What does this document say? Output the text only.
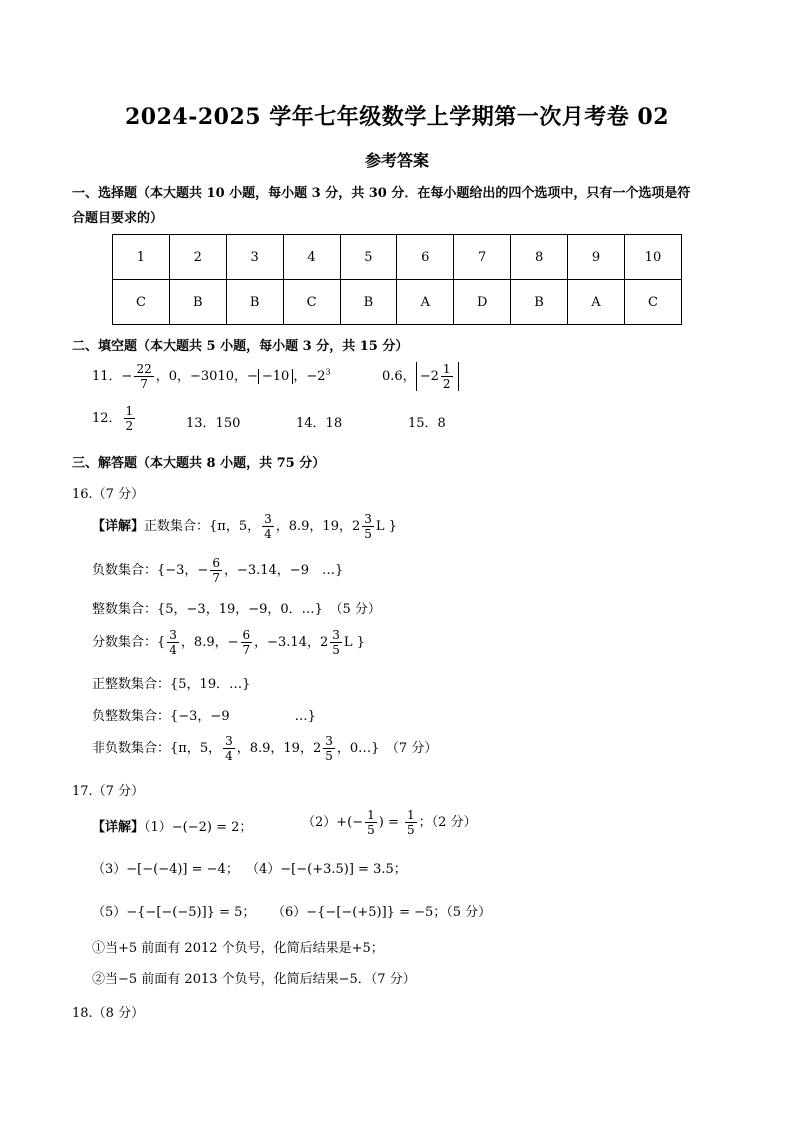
2024-2025 学年七年级数学上学期第一次月考卷 02
参考答案
一、选择题（本大题共 10 小题，每小题 3 分，共 30 分．在每小题给出的四个选项中，只有一个选项是符
合题目要求的）
1	2	3	4	5	6	7	8	9	10
C	B	B	C	B	A	D	B	A	C
二、填空题（本大题共 5 小题，每小题 3 分，共 15 分）
11．− $\frac{22}{7}$ ，0，−3010，− −10 ，$-2^3$	0.6， $-2 \frac{1}{2}$
12． $\frac{1}{2}$	13．150	14．18	15．8
三、解答题（本大题共 8 小题，共 75 分）
16.（7 分）
【详解】正数集合：{π，5， $\frac{3}{4}$ ，8.9，19，$2 \frac{3}{5}$ L }
负数集合：{−3，− $\frac{6}{7}$ ，−3.14，−9　…}
整数集合：{5，−3，19，−9，0．…}　（5 分）
分数集合：{ $\frac{3}{4}$ ，8.9，− $\frac{6}{7}$ ，−3.14，$2 \frac{3}{5}$ L }
正整数集合：{5，19．…}
负整数集合：{−3，−9　　　　　…}
非负数集合：{π，5， $\frac{3}{4}$ ，8.9，19，$2 \frac{3}{5}$ ，0…}　（7 分）
17.（7 分）
【详解】（1）−(−2) = 2；	$(2)+(- \frac{1}{5}$ ) = $\frac{1}{5}$ ；（2 分）
（3）−[−(−4)] = −4； （4）−[−(+3.5)] = 3.5；
（5）−{−[−(−5)]} = 5； （6）−{−[−(+5)]} = −5；（5 分）
①当+5 前面有 2012 个负号，化简后结果是+5；
②当−5 前面有 2013 个负号，化简后结果−5．（7 分）
18.（8 分）
